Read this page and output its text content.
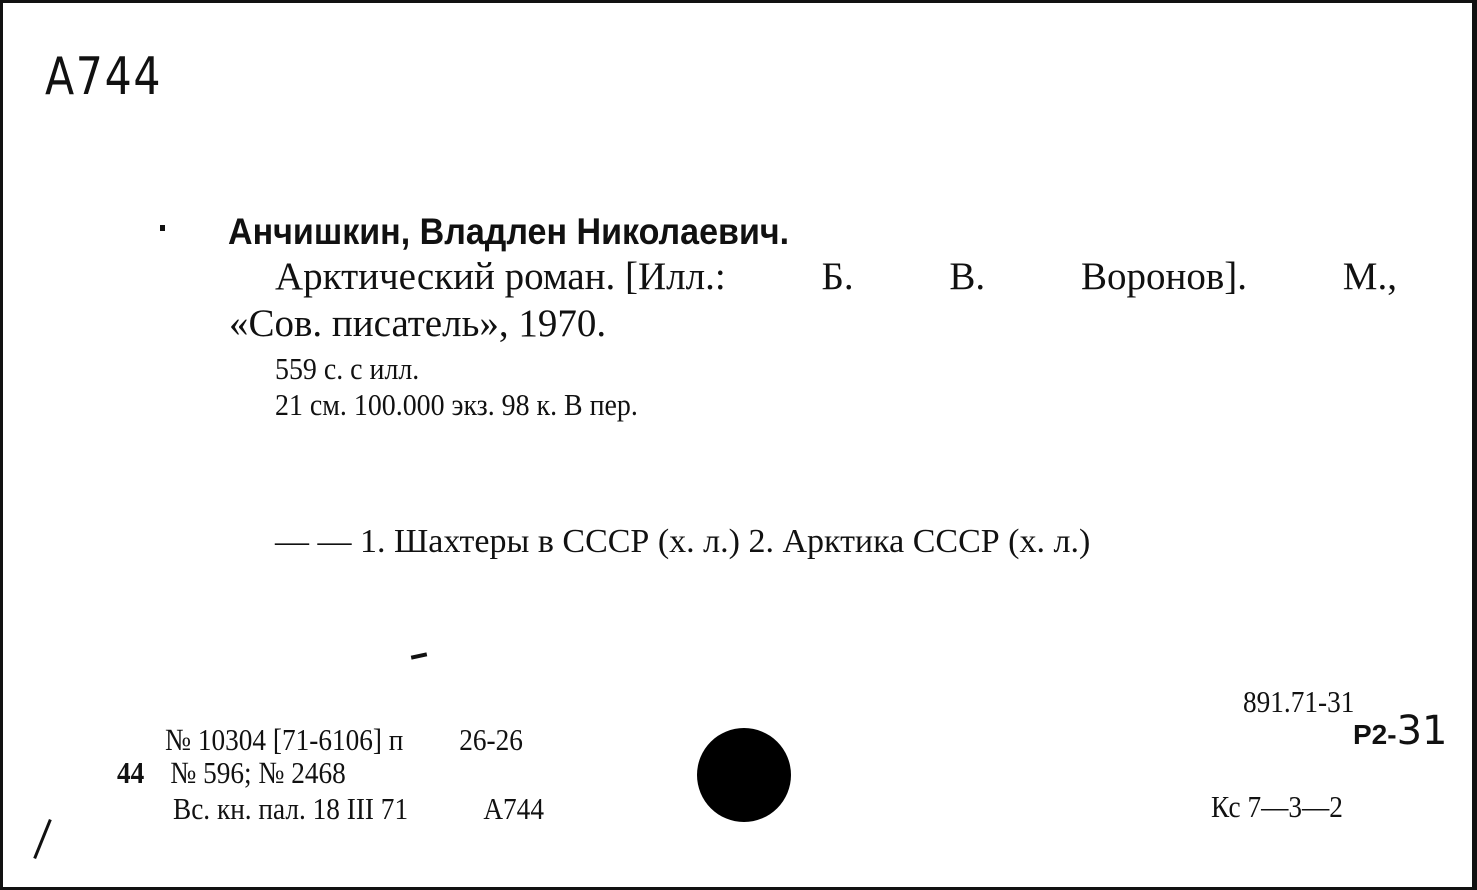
A744
Анчишкин, Владлен Николаевич.
Арктический роман. [Илл.: Б. В. Воронов]. М.,
«Сов. писатель», 1970.
559 с. с илл.
21 см. 100.000 экз. 98 к. В пер.
— — 1. Шахтеры в СССР (х. л.) 2. Арктика СССР (х. л.)
№ 10304 [71-6106] п 26-26
44 № 596; № 2468
Вс. кн. пал. 18 III 71 А744
891.71-31
Р2-31
Кс 7—3—2
